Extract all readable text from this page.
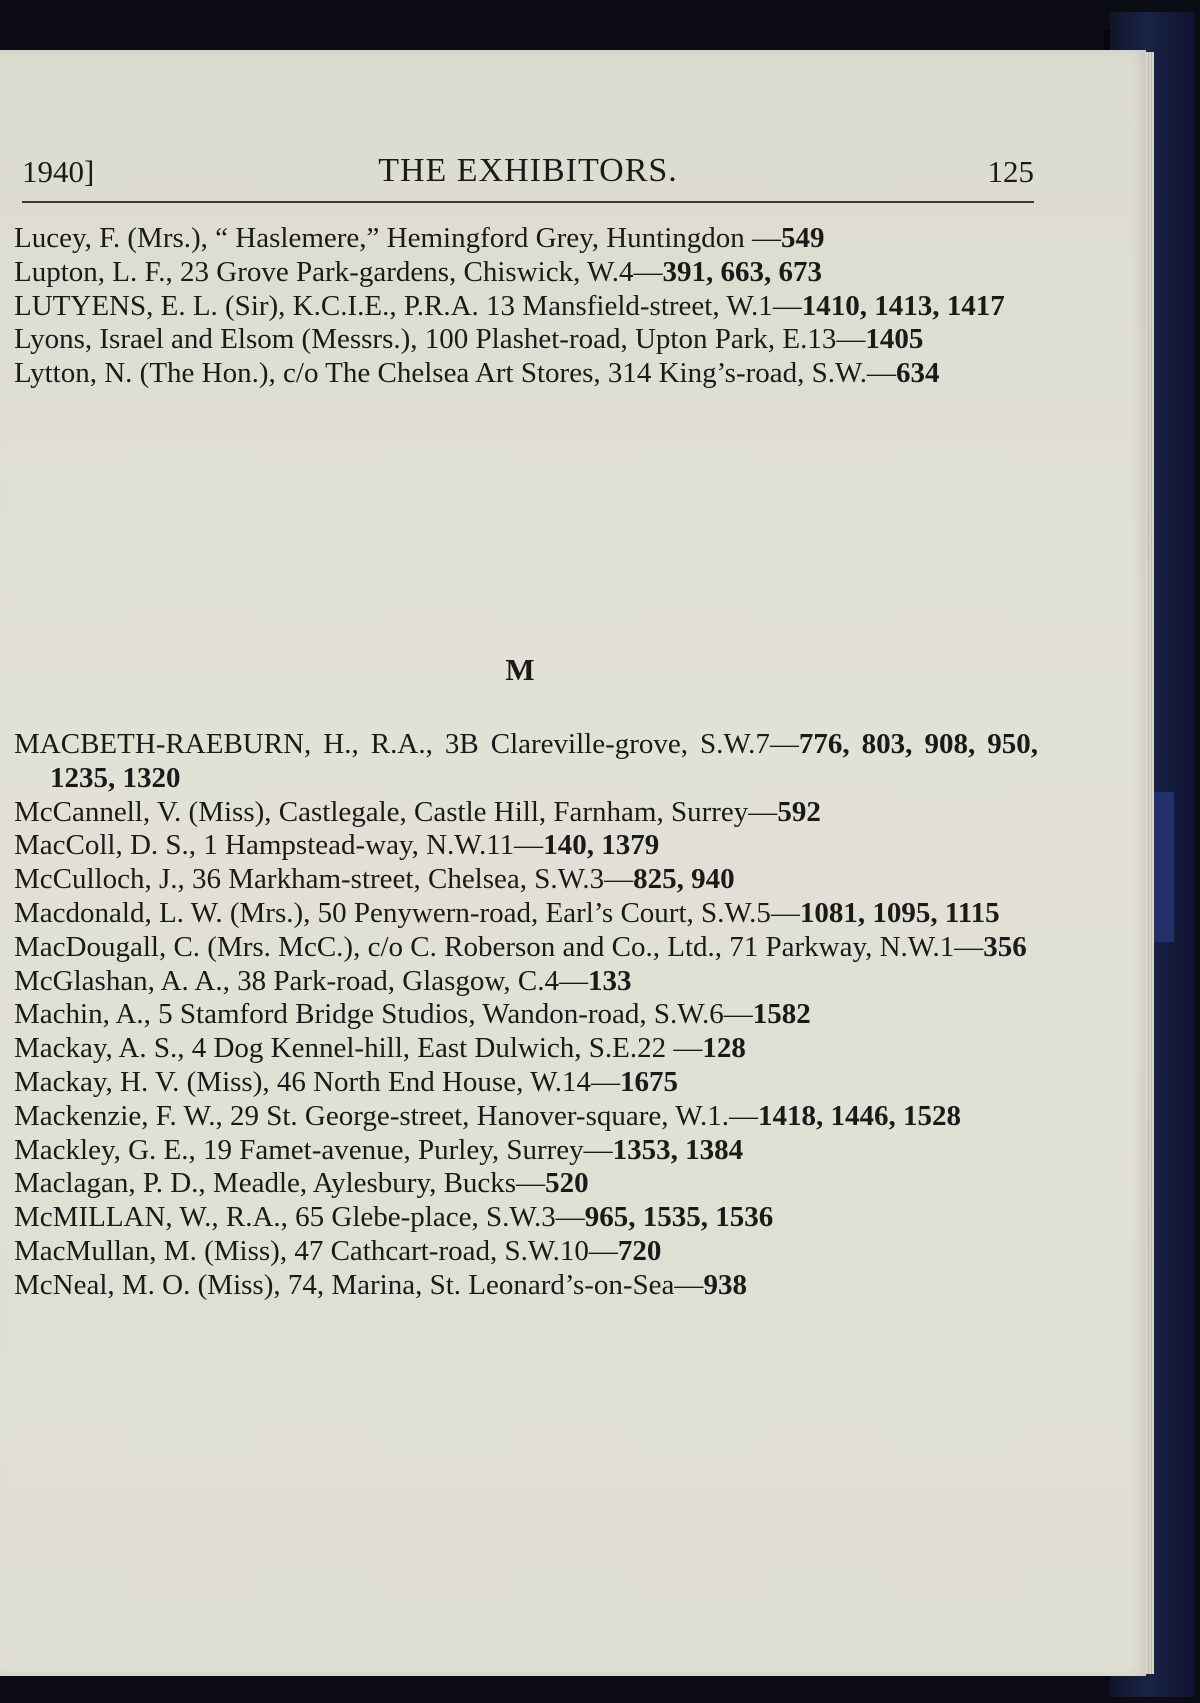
1940]	THE EXHIBITORS.	125

Lucey, F. (Mrs.), “ Haslemere,” Hemingford Grey, Huntingdon —549

Lupton, L. F., 23 Grove Park-gardens, Chiswick, W.4—391, 663, 673

LUTYENS, E. L. (Sir), K.C.I.E., P.R.A. 13 Mansfield-street, W.1—1410, 1413, 1417

Lyons, Israel and Elsom (Messrs.), 100 Plashet-road, Upton Park, E.13—1405

Lytton, N. (The Hon.), c/o The Chelsea Art Stores, 314 King’s-road, S.W.—634

M

MACBETH-RAEBURN, H., R.A., 3B Clareville-grove, S.W.7—776, 803, 908, 950, 1235, 1320

McCannell, V. (Miss), Castlegale, Castle Hill, Farnham, Surrey—592

MacColl, D. S., 1 Hampstead-way, N.W.11—140, 1379

McCulloch, J., 36 Markham-street, Chelsea, S.W.3—825, 940

Macdonald, L. W. (Mrs.), 50 Penywern-road, Earl’s Court, S.W.5—1081, 1095, 1115

MacDougall, C. (Mrs. McC.), c/o C. Roberson and Co., Ltd., 71 Parkway, N.W.1—356

McGlashan, A. A., 38 Park-road, Glasgow, C.4—133

Machin, A., 5 Stamford Bridge Studios, Wandon-road, S.W.6—1582

Mackay, A. S., 4 Dog Kennel-hill, East Dulwich, S.E.22 —128

Mackay, H. V. (Miss), 46 North End House, W.14—1675

Mackenzie, F. W., 29 St. George-street, Hanover-square, W.1.—1418, 1446, 1528

Mackley, G. E., 19 Famet-avenue, Purley, Surrey—1353, 1384

Maclagan, P. D., Meadle, Aylesbury, Bucks—520

McMILLAN, W., R.A., 65 Glebe-place, S.W.3—965, 1535, 1536

MacMullan, M. (Miss), 47 Cathcart-road, S.W.10—720

McNeal, M. O. (Miss), 74, Marina, St. Leonard’s-on-Sea—938
